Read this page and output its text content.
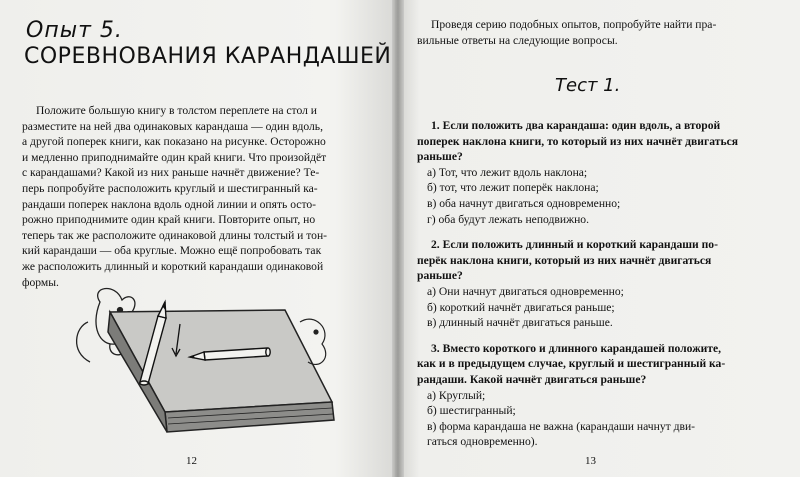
Опыт 5.
СОРЕВНОВАНИЯ КАРАНДАШЕЙ
Положите большую книгу в толстом переплете на стол и
разместите на ней два одинаковых карандаша — один вдоль,
а другой поперек книги, как показано на рисунке. Осторожно
и медленно приподнимайте один край книги. Что произойдёт
с карандашами? Какой из них раньше начнёт движение? Те-
перь попробуйте расположить круглый и шестигранный ка-
рандаши поперек наклона вдоль одной линии и опять осто-
рожно приподнимите один край книги. Повторите опыт, но
теперь так же расположите одинаковой длины толстый и тон-
кий карандаши — оба круглые. Можно ещё попробовать так
же расположить длинный и короткий карандаши одинаковой
формы.
12
Проведя серию подобных опытов, попробуйте найти пра-
вильные ответы на следующие вопросы.
Тест 1.
1. Если положить два карандаша: один вдоль, а второй
поперек наклона книги, то который из них начнёт двигаться
раньше?
а) Тот, что лежит вдоль наклона;
б) тот, что лежит поперёк наклона;
в) оба начнут двигаться одновременно;
г) оба будут лежать неподвижно.
2. Если положить длинный и короткий карандаши по-
перёк наклона книги, который из них начнёт двигаться
раньше?
а) Они начнут двигаться одновременно;
б) короткий начнёт двигаться раньше;
в) длинный начнёт двигаться раньше.
3. Вместо короткого и длинного карандашей положите,
как и в предыдущем случае, круглый и шестигранный ка-
рандаши. Какой начнёт двигаться раньше?
а) Круглый;
б) шестигранный;
в) форма карандаша не важна (карандаши начнут дви-
гаться одновременно).
13
